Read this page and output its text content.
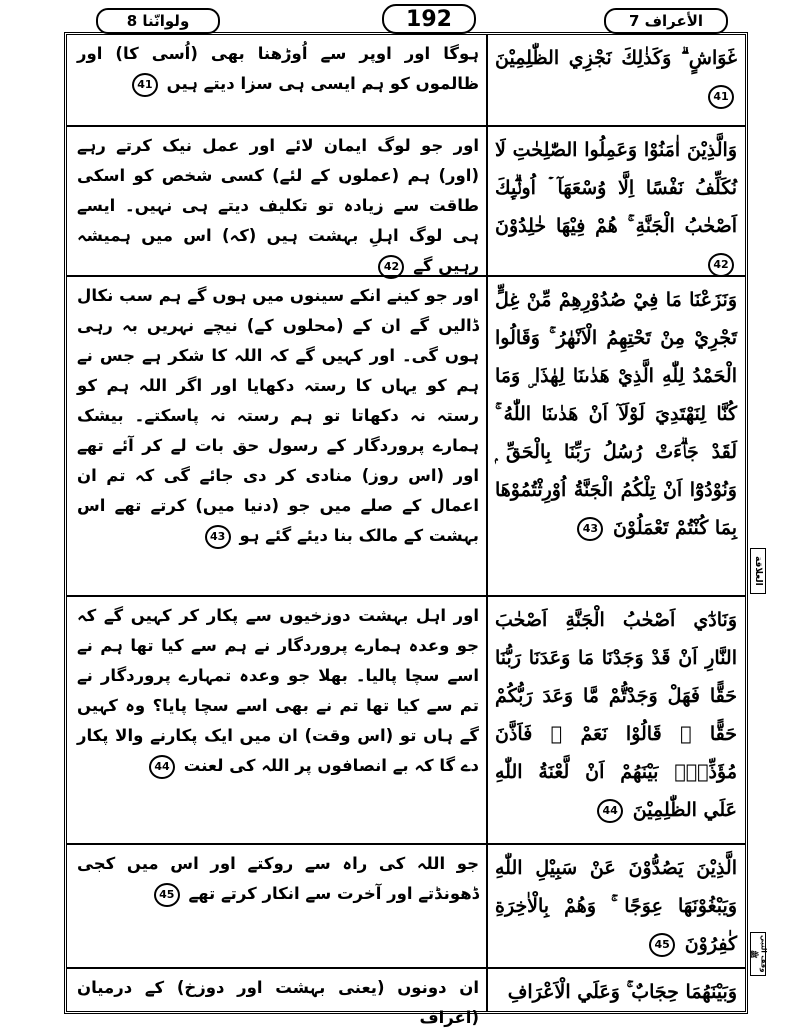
ولوانّنا 8	192	الأعراف 7
غَوَاشٍ ۗ وَكَذٰلِكَ نَجْزِي الظّٰلِمِيْنَ 41
ہوگا اور اوپر سے اُوڑھنا بھی (اُسی کا) اور ظالموں کو ہم ایسی ہی سزا دیتے ہیں 41
وَالَّذِيْنَ اٰمَنُوْا وَعَمِلُوا الصّٰلِحٰتِ لَا نُكَلِّفُ نَفْسًا اِلَّا وُسْعَهَآ ۡ اُولٰۗىِٕكَ اَصْحٰبُ الْجَنَّةِ ۚ هُمْ فِيْهَا خٰلِدُوْنَ 42
اور جو لوگ ایمان لائے اور عمل نیک کرتے رہے (اور) ہم (عملوں کے لئے) کسی شخص کو اسکی طاقت سے زیادہ تو تکلیف دیتے ہی نہیں۔ ایسے ہی لوگ اہلِ بہشت ہیں (کہ) اس میں ہمیشہ رہیں گے 42
وَنَزَعْنَا مَا فِيْ صُدُوْرِهِمْ مِّنْ غِلٍّ تَجْرِيْ مِنْ تَحْتِهِمُ الْاَنْھٰرُ ۚ وَقَالُوا الْحَمْدُ لِلّٰهِ الَّذِيْ هَدٰىنَا لِهٰذَا ۣ وَمَا كُنَّا لِنَهْتَدِيَ لَوْلَآ اَنْ هَدٰىنَا اللّٰهُ ۚ لَقَدْ جَاۗءَتْ رُسُلُ رَبِّنَا بِالْحَقِّ ۭ وَنُوْدُوْٓا اَنْ تِلْكُمُ الْجَنَّةُ اُوْرِثْتُمُوْهَا بِمَا كُنْتُمْ تَعْمَلُوْنَ 43
اور جو کینے انکے سینوں میں ہوں گے ہم سب نکال ڈالیں گے ان کے (محلوں کے) نیچے نہریں بہ رہی ہوں گی۔ اور کہیں گے کہ اللہ کا شکر ہے جس نے ہم کو یہاں کا رستہ دکھایا اور اگر اللہ ہم کو رستہ نہ دکھاتا تو ہم رستہ نہ پاسکتے۔ بیشک ہمارے پروردگار کے رسول حق بات لے کر آئے تھے اور (اس روز) منادی کر دی جائے گی کہ تم ان اعمال کے صلے میں جو (دنیا میں) کرتے تھے اس بہشت کے مالک بنا دیئے گئے ہو 43
وَنَادٰٓي اَصْحٰبُ الْجَنَّةِ اَصْحٰبَ النَّارِ اَنْ قَدْ وَجَدْنَا مَا وَعَدَنَا رَبُّنَا حَقًّا فَهَلْ وَجَدْتُّمْ مَّا وَعَدَ رَبُّكُمْ حَقًّا ۭ قَالُوْا نَعَمْ ۚ فَاَذَّنَ مُؤَذِّنٌۢ بَيْنَهُمْ اَنْ لَّعْنَةُ اللّٰهِ عَلَي الظّٰلِمِيْنَ 44
اور اہل بہشت دوزخیوں سے پکار کر کہیں گے کہ جو وعدہ ہمارے پروردگار نے ہم سے کیا تھا ہم نے اسے سچا پالیا۔ بھلا جو وعدہ تمہارے پروردگار نے تم سے کیا تھا تم نے بھی اسے سچا پایا؟ وہ کہیں گے ہاں تو (اس وقت) ان میں ایک پکارنے والا پکار دے گا کہ بے انصافوں پر اللہ کی لعنت 44
الَّذِيْنَ يَصُدُّوْنَ عَنْ سَبِيْلِ اللّٰهِ وَيَبْغُوْنَهَا عِوَجًا ۚ وَهُمْ بِالْاٰخِرَةِ كٰفِرُوْنَ 45
جو اللہ کی راہ سے روکتے اور اس میں کجی ڈھونڈتے اور آخرت سے انکار کرتے تھے 45
وَبَيْنَهُمَا حِجَابٌ ۚ وَعَلَي الْاَعْرَافِ
ان دونوں (یعنی بہشت اور دوزخ) کے درمیان (اعراف
العلاقة
وقف النبي ﷺ
